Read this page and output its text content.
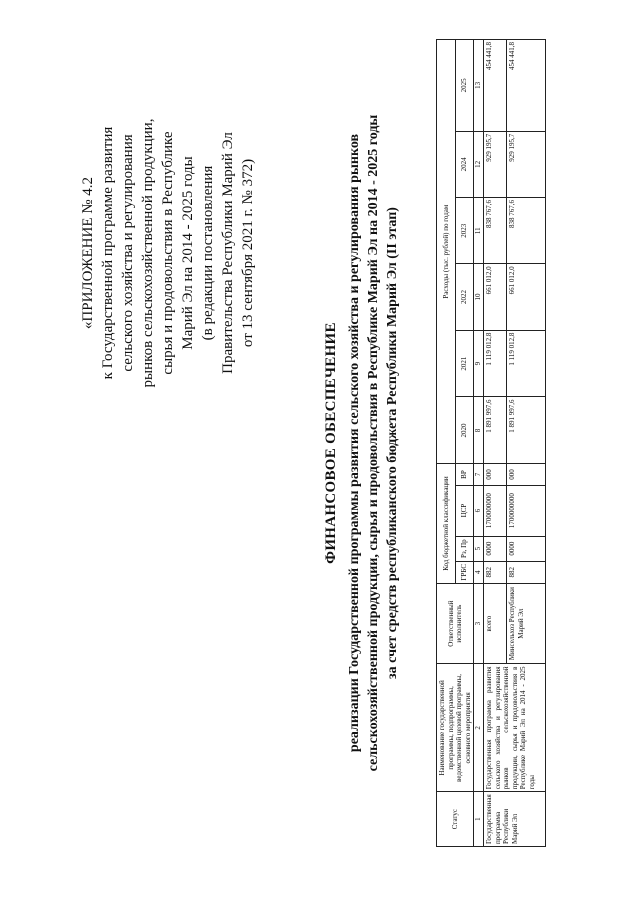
«ПРИЛОЖЕНИЕ № 4.2 к Государственной программе развития сельского хозяйства и регулирования рынков сельскохозяйственной продукции, сырья и продовольствия в Республике Марий Эл на 2014 - 2025 годы (в редакции постановления Правительства Республики Марий Эл от 13 сентября 2021 г. № 372)
ФИНАНСОВОЕ ОБЕСПЕЧЕНИЕ реализации Государственной программы развития сельского хозяйства и регулирования рынков сельскохозяйственной продукции, сырья и продовольствия в Республике Марий Эл на 2014 - 2025 годы за счет средств республиканского бюджета Республики Марий Эл (II этап)
Статус	Наименование государственной программы, подпрограммы, ведомственной целевой программы, основного мероприятия	Ответственный исполнитель	Код бюджетной классификации				Расходы (тыс. рублей) по годам					
			ГРБС	Рз, Пр	ЦСР	ВР	2020	2021	2022	2023	2024	2025
1	2	3	4	5	6	7	8	9	10	11	12	13
Государственная программа Республики Марий Эл	Государственная программа развития сельского хозяйства и регулирования рынков сельскохозяйственной продукции, сырья и продовольствия в Республике Марий Эл на 2014 - 2025 годы	всего	882	0000	1700000000	000	1 891 997,6	1 119 012,8	661 012,0	838 767,6	929 195,7	454 441,8
		Минсельхоз Республики Марий Эл	882	0000	1700000000	000	1 891 997,6	1 119 012,8	661 012,0	838 767,6	929 195,7	454 441,8
